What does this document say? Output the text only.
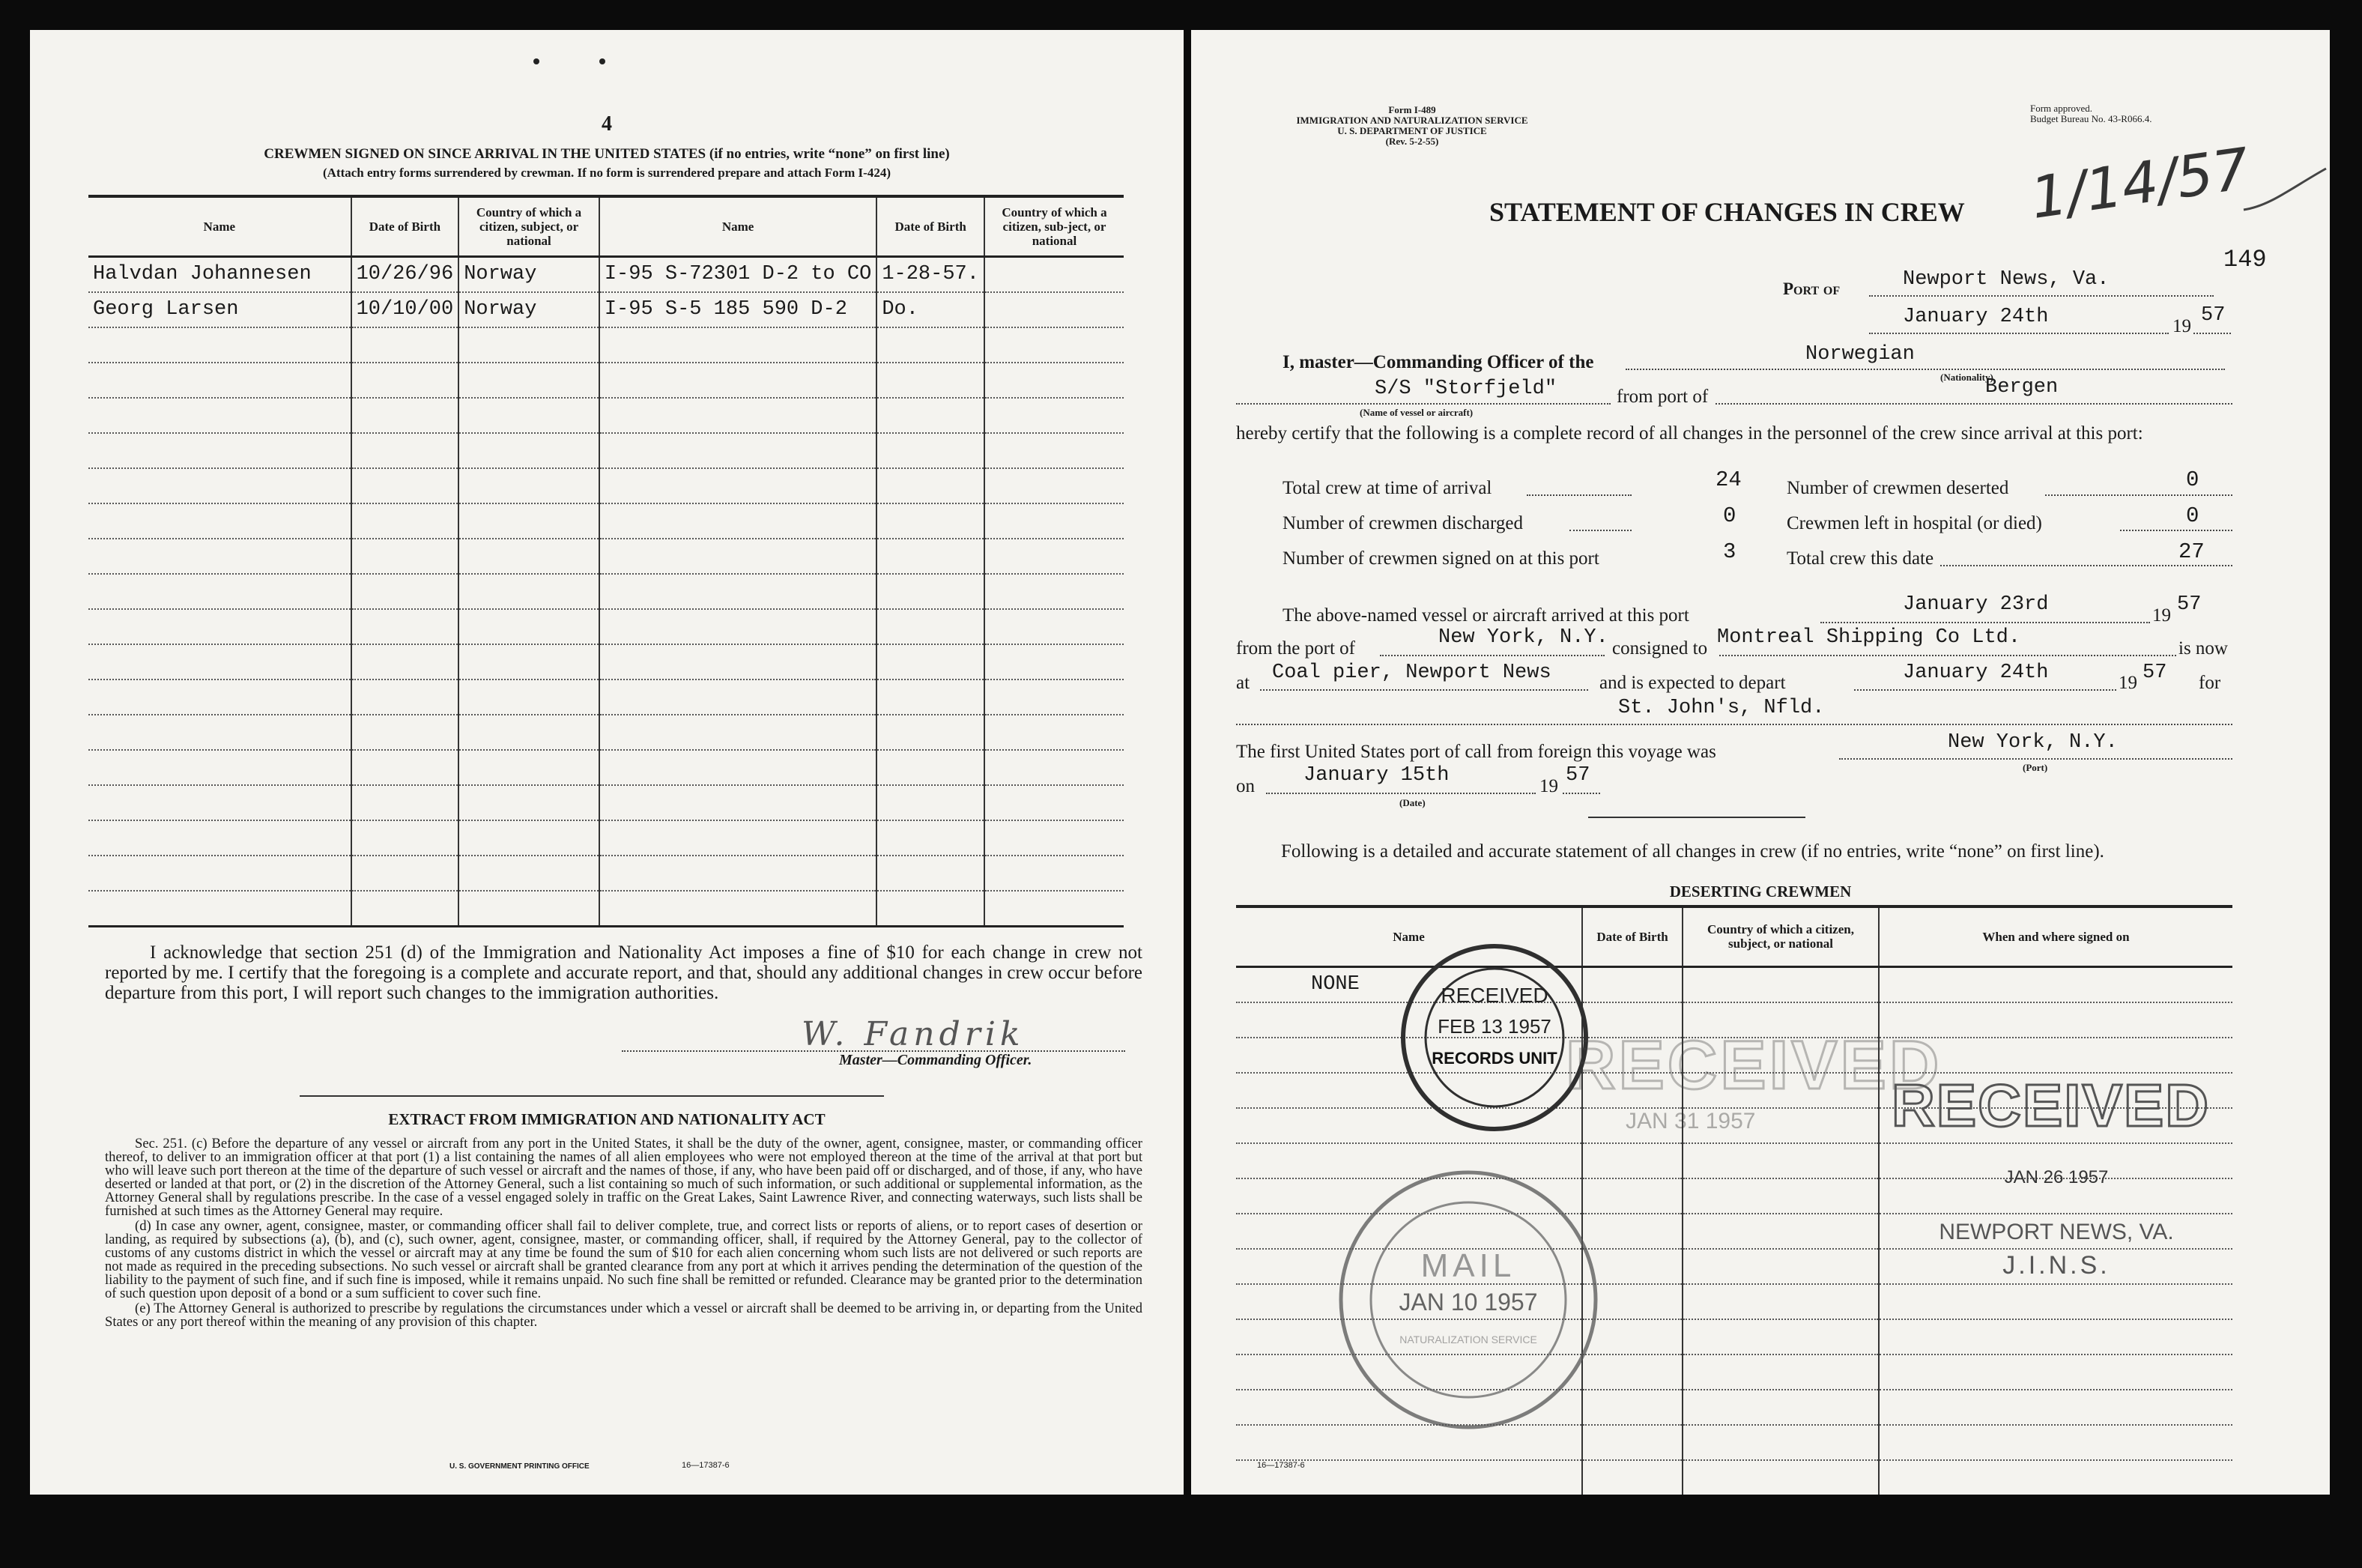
4
CREWMEN SIGNED ON SINCE ARRIVAL IN THE UNITED STATES (if no entries, write “none” on first line)
(Attach entry forms surrendered by crewman. If no form is surrendered prepare and attach Form I-424)
Name	Date of Birth	Country of which a citizen, subject, or national	Name	Date of Birth	Country of which a citizen, sub-ject, or national
Halvdan Johannesen	10/26/96	Norway	I-95 S-72301 D-2 to CO	1-28-57.	
Georg Larsen	10/10/00	Norway	I-95 S-5 185 590 D-2	Do.	

I acknowledge that section 251 (d) of the Immigration and Nationality Act imposes a fine of $10 for each change in crew not reported by me. I certify that the foregoing is a complete and accurate report, and that, should any additional changes in crew occur before departure from this port, I will report such changes to the immigration authorities.
W. Fandrik
Master—Commanding Officer.
EXTRACT FROM IMMIGRATION AND NATIONALITY ACT

Sec. 251. (c) Before the departure of any vessel or aircraft from any port in the United States, it shall be the duty of the owner, agent, consignee, master, or commanding officer thereof, to deliver to an immigration officer at that port (1) a list containing the names of all alien employees who were not employed thereon at the time of the arrival at that port but who will leave such port thereon at the time of the departure of such vessel or aircraft and the names of those, if any, who have been paid off or discharged, and of those, if any, who have deserted or landed at that port, or (2) in the discretion of the Attorney General, such a list containing so much of such information, or such additional or supplemental information, as the Attorney General shall by regulations prescribe. In the case of a vessel engaged solely in traffic on the Great Lakes, Saint Lawrence River, and connecting waterways, such lists shall be furnished at such times as the Attorney General may require.

(d) In case any owner, agent, consignee, master, or commanding officer shall fail to deliver complete, true, and correct lists or reports of aliens, or to report cases of desertion or landing, as required by subsections (a), (b), and (c), such owner, agent, consignee, master, or commanding officer, shall, if required by the Attorney General, pay to the collector of customs of any customs district in which the vessel or aircraft may at any time be found the sum of $10 for each alien concerning whom such lists are not delivered or such reports are not made as required in the preceding subsections. No such vessel or aircraft shall be granted clearance from any port at which it arrives pending the determination of the question of the liability to the payment of such fine, and if such fine is imposed, while it remains unpaid. No such fine shall be remitted or refunded. Clearance may be granted prior to the determination of such question upon deposit of a bond or a sum sufficient to cover such fine.

(e) The Attorney General is authorized to prescribe by regulations the circumstances under which a vessel or aircraft shall be deemed to be arriving in, or departing from the United States or any port thereof within the meaning of any provision of this chapter.

U. S. GOVERNMENT PRINTING OFFICE	16—17387-6
Form I-489
IMMIGRATION AND NATURALIZATION SERVICE
U. S. DEPARTMENT OF JUSTICE
(Rev. 5-2-55)
Form approved.
Budget Bureau No. 43-R066.4.
1/14/57
149
STATEMENT OF CHANGES IN CREW
Port of	Newport News, Va.
January 24th	19 57
I, master—Commanding Officer of the	Norwegian
(Nationality)
S/S "Storfjeld"
(Name of vessel or aircraft)
from port of	Bergen
hereby certify that the following is a complete record of all changes in the personnel of the crew since arrival at this port:
Total crew at time of arrival	24
Number of crewmen discharged	0
Number of crewmen signed on at this port	3
Number of crewmen deserted	0
Crewmen left in hospital (or died)	0
Total crew this date	27
The above-named vessel or aircraft arrived at this port	January 23rd	19 57
from the port of	New York, N.Y. consigned to Montreal Shipping Co Ltd.	is now
at Coal pier, Newport News	and is expected to depart	January 24th	19 57 for
St. John's, Nfld.
The first United States port of call from foreign this voyage was	New York, N.Y.
(Port)
on January 15th
(Date)
19 57
Following is a detailed and accurate statement of all changes in crew (if no entries, write “none” on first line).
DESERTING CREWMEN
Name	Date of Birth	Country of which a citizen, subject, or national	When and where signed on
NONE			

				RECEIVED
FEB 13 1957
RECORDS UNIT RECEIVED
JAN 31 1957
MAIL
JAN 10 1957
NATURALIZATION SERVICE
RECEIVED
JAN 26 1957
NEWPORT NEWS, VA.
J.I.N.S.
16—17387-6
